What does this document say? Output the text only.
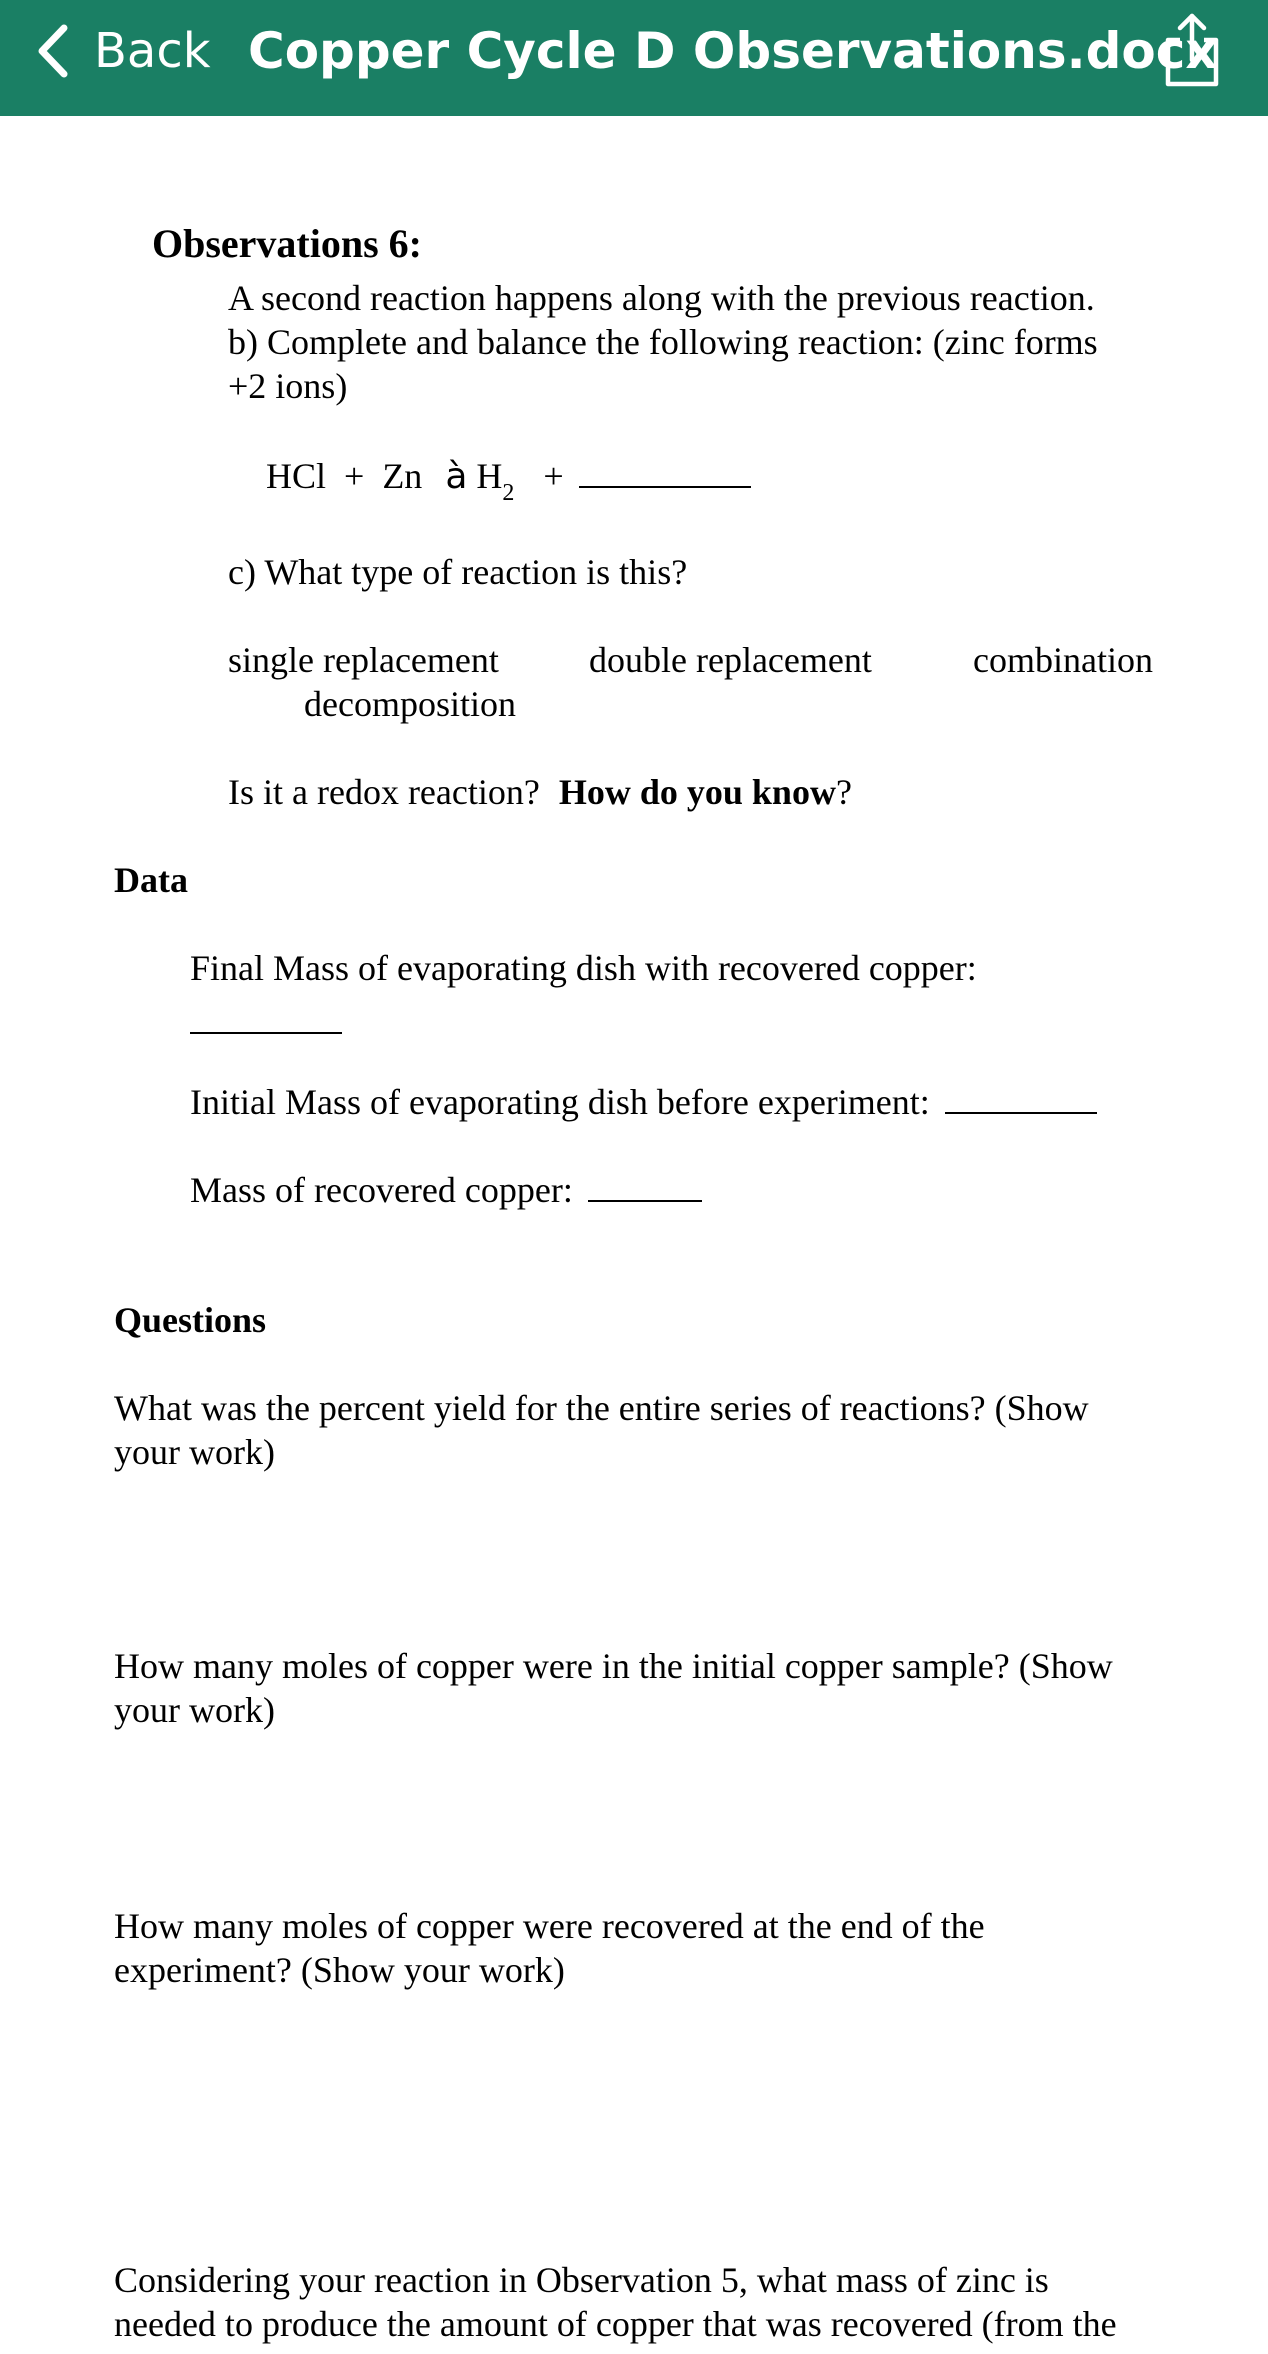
Back Copper Cycle D Observations.docx
Observations 6:
A second reaction happens along with the previous reaction.
b) Complete and balance the following reaction: (zinc forms
+2 ions)
HCl  +  Zn à $H_2$ +
c) What type of reaction is this?
single replacement	double replacement	combination
decomposition
Is it a redox reaction? How do you know?
Data
Final Mass of evaporating dish with recovered copper:
Initial Mass of evaporating dish before experiment:
Mass of recovered copper:
Questions
What was the percent yield for the entire series of reactions? (Show
your work)
How many moles of copper were in the initial copper sample? (Show
your work)
How many moles of copper were recovered at the end of the
experiment? (Show your work)
Considering your reaction in Observation 5, what mass of zinc is
needed to produce the amount of copper that was recovered (from the
